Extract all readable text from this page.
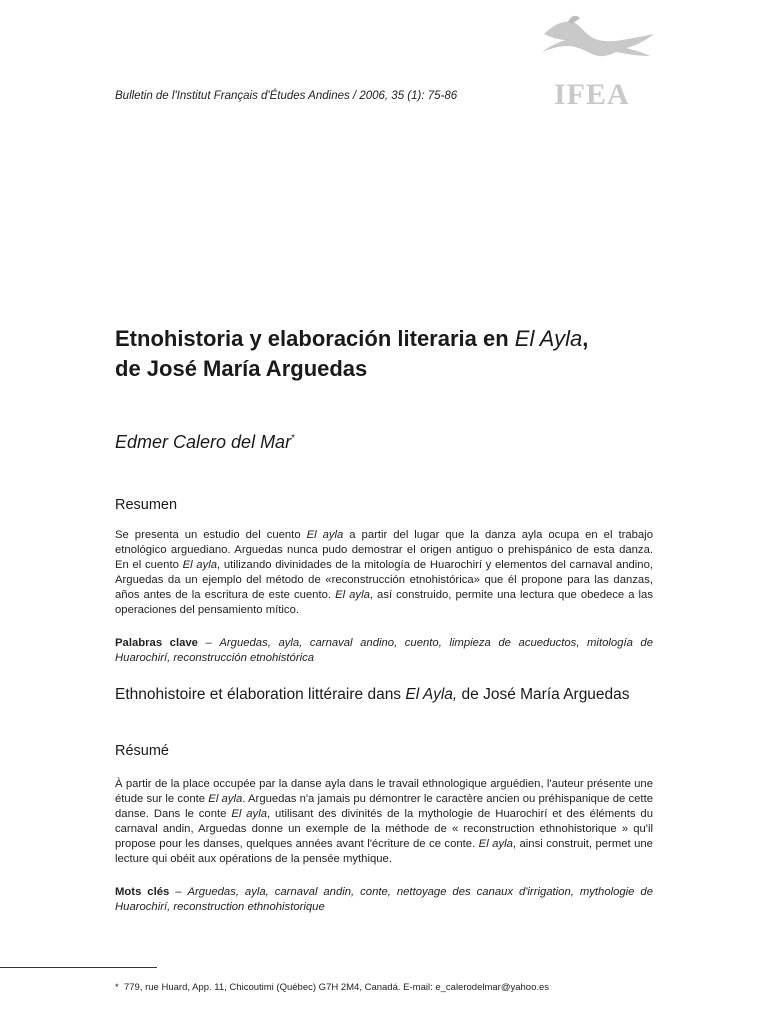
Bulletin de l'Institut Français d'Études Andines / 2006, 35 (1): 75-86	IFEA
Etnohistoria y elaboración literaria en El Ayla,
de José María Arguedas
Edmer Calero del Mar*
Resumen

Se presenta un estudio del cuento El ayla a partir del lugar que la danza ayla ocupa en el trabajo etnológico arguediano. Arguedas nunca pudo demostrar el origen antiguo o prehispánico de esta danza. En el cuento El ayla, utilizando divinidades de la mitología de Huarochirí y elementos del carnaval andino, Arguedas da un ejemplo del método de «reconstrucción etnohistórica» que él propone para las danzas, años antes de la escritura de este cuento. El ayla, así construido, permite una lectura que obedece a las operaciones del pensamiento mítico.

Palabras clave – Arguedas, ayla, carnaval andino, cuento, limpieza de acueductos, mitología de Huarochirí, reconstrucción etnohistórica

Ethnohistoire et élaboration littéraire dans El Ayla, de José María Arguedas
Résumé

À partir de la place occupée par la danse ayla dans le travail ethnologique arguédien, l'auteur présente une étude sur le conte El ayla. Arguedas n'a jamais pu démontrer le caractère ancien ou préhispanique de cette danse. Dans le conte El ayla, utilisant des divinités de la mythologie de Huarochirí et des éléments du carnaval andin, Arguedas donne un exemple de la méthode de « reconstruction ethnohistorique » qu'il propose pour les danses, quelques années avant l'écriture de ce conte. El ayla, ainsi construit, permet une lecture qui obéit aux opérations de la pensée mythique.

Mots clés – Arguedas, ayla, carnaval andin, conte, nettoyage des canaux d'irrigation, mythologie de Huarochirí, reconstruction ethnohistorique

* 779, rue Huard, App. 11, Chicoutimi (Québec) G7H 2M4, Canadá. E-mail: e_calerodelmar@yahoo.es
